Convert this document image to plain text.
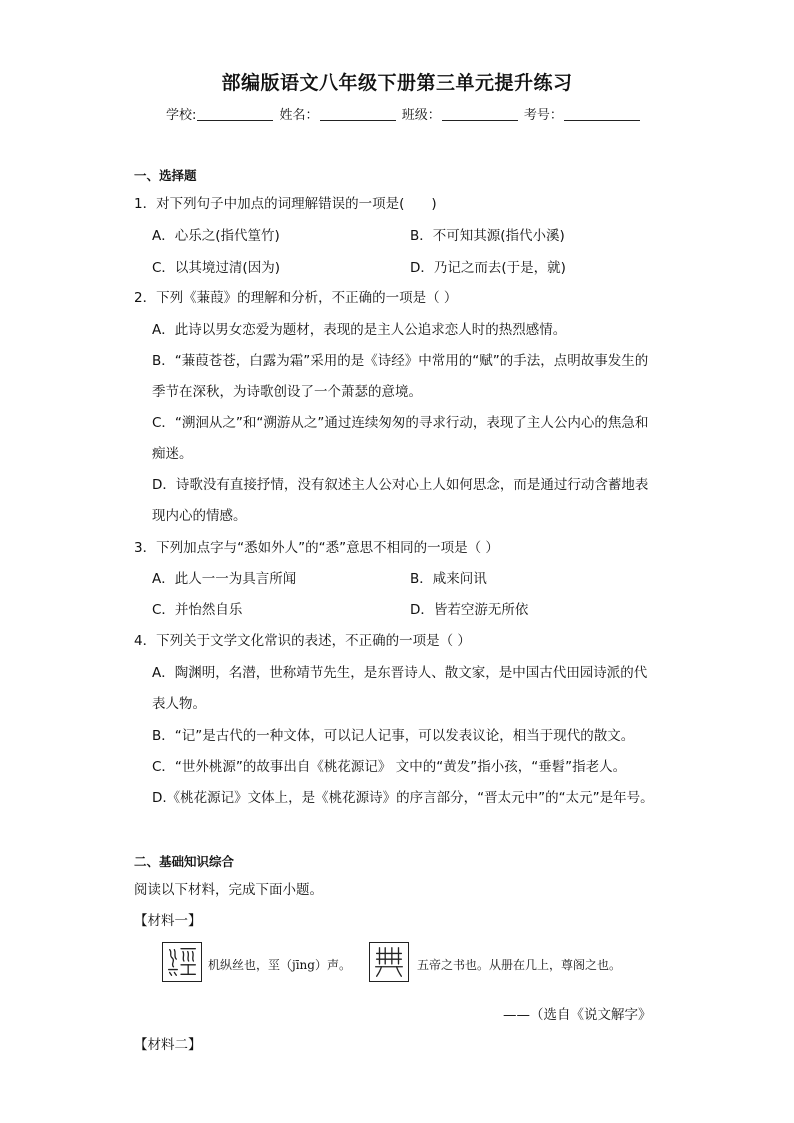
部编版语文八年级下册第三单元提升练习
学校:	姓名：	班级：	考号：
一、选择题
1．对下列句子中加点的词理解错误的一项是(　　)
A．心乐之(指代篁竹)	B．不可知其源(指代小溪)
C．以其境过清(因为)	D．乃记之而去(于是，就)
2．下列《蒹葭》的理解和分析，不正确的一项是（ ）
A．此诗以男女恋爱为题材，表现的是主人公追求恋人时的热烈感情。
B．“蒹葭苍苍，白露为霜”采用的是《诗经》中常用的“赋”的手法，点明故事发生的
季节在深秋，为诗歌创设了一个萧瑟的意境。
C．“溯洄从之”和“溯游从之”通过连续匆匆的寻求行动，表现了主人公内心的焦急和
痴迷。
D．诗歌没有直接抒情，没有叙述主人公对心上人如何思念，而是通过行动含蓄地表
现内心的情感。
3．下列加点字与“悉如外人”的“悉”意思不相同的一项是（ ）
A．此人一一为具言所闻	B．咸来问讯
C．并怡然自乐	D．皆若空游无所依
4．下列关于文学文化常识的表述，不正确的一项是（ ）
A．陶渊明，名潜，世称靖节先生，是东晋诗人、散文家，是中国古代田园诗派的代
表人物。
B．“记”是古代的一种文体，可以记人记事，可以发表议论，相当于现代的散文。
C．“世外桃源”的故事出自《桃花源记》 文中的“黄发”指小孩，“垂髫”指老人。
D.《桃花源记》文体上，是《桃花源诗》的序言部分，“晋太元中”的“太元”是年号。
二、基础知识综合
阅读以下材料，完成下面小题。
【材料一】
机纵丝也，坙（jīng）声。	五帝之书也。从册在几上，尊阁之也。
——（选自《说文解字》
【材料二】
